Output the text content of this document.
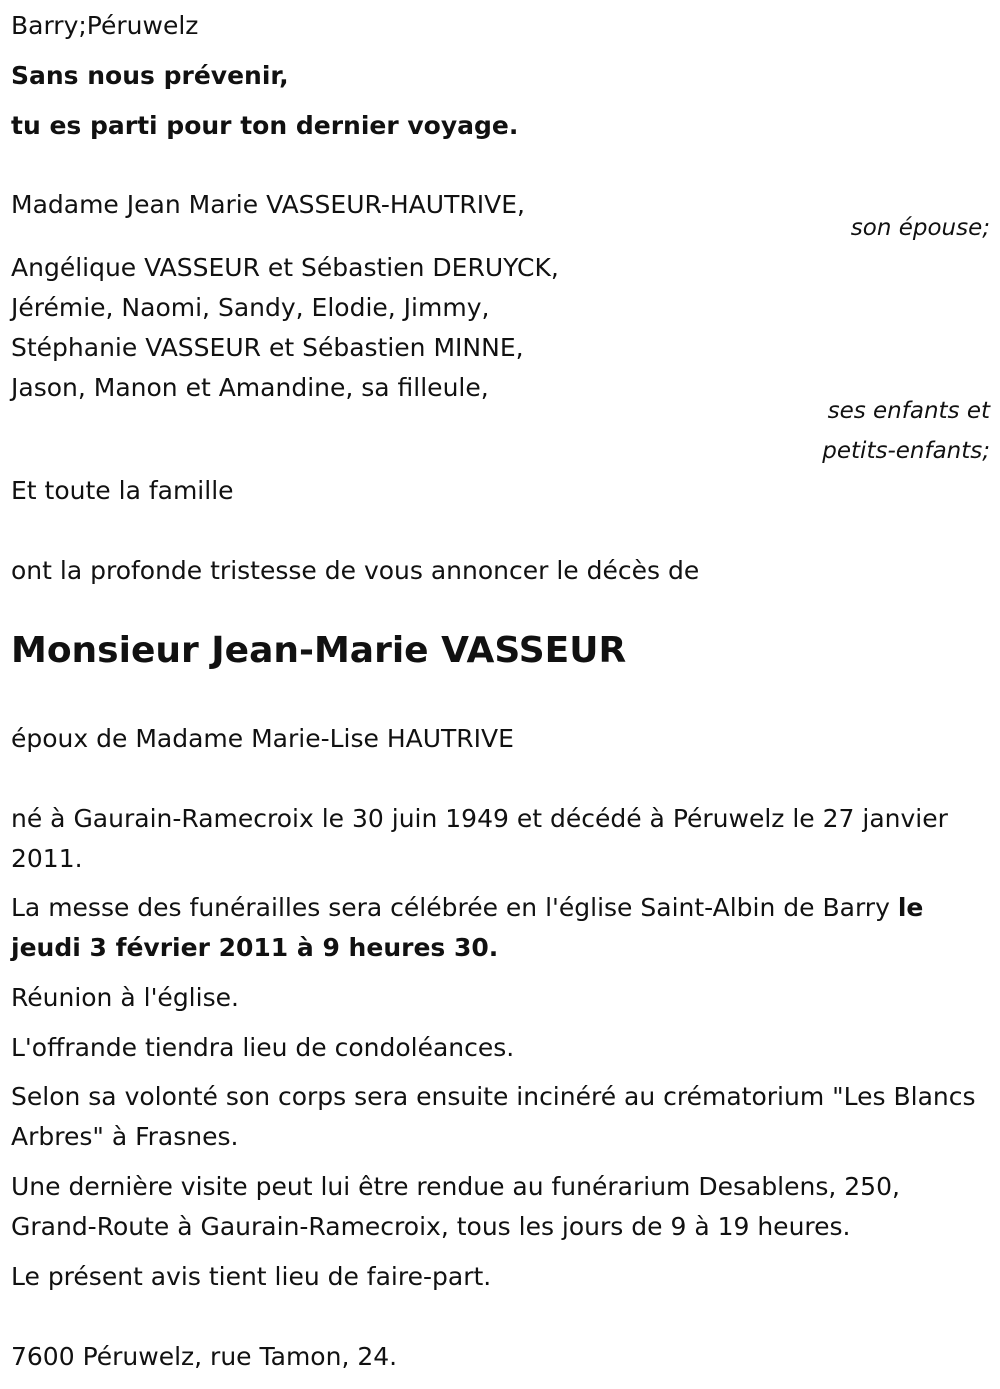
Barry;Péruwelz

Sans nous prévenir,

tu es parti pour ton dernier voyage.

Madame Jean Marie VASSEUR-HAUTRIVE,

son épouse;

Angélique VASSEUR et Sébastien DERUYCK,

Jérémie, Naomi, Sandy, Elodie, Jimmy,

Stéphanie VASSEUR et Sébastien MINNE,

Jason, Manon et Amandine, sa filleule,

ses enfants et

petits-enfants;

Et toute la famille

ont la profonde tristesse de vous annoncer le décès de

Monsieur Jean-Marie VASSEUR

époux de Madame Marie-Lise HAUTRIVE

né à Gaurain-Ramecroix le 30 juin 1949 et décédé à Péruwelz le 27 janvier 2011.

La messe des funérailles sera célébrée en l'église Saint-Albin de Barry le jeudi 3 février 2011 à 9 heures 30.

Réunion à l'église.

L'offrande tiendra lieu de condoléances.

Selon sa volonté son corps sera ensuite incinéré au crématorium "Les Blancs Arbres" à Frasnes.

Une dernière visite peut lui être rendue au funérarium Desablens, 250, Grand-Route à Gaurain-Ramecroix, tous les jours de 9 à 19 heures.

Le présent avis tient lieu de faire-part.

7600 Péruwelz, rue Tamon, 24.
